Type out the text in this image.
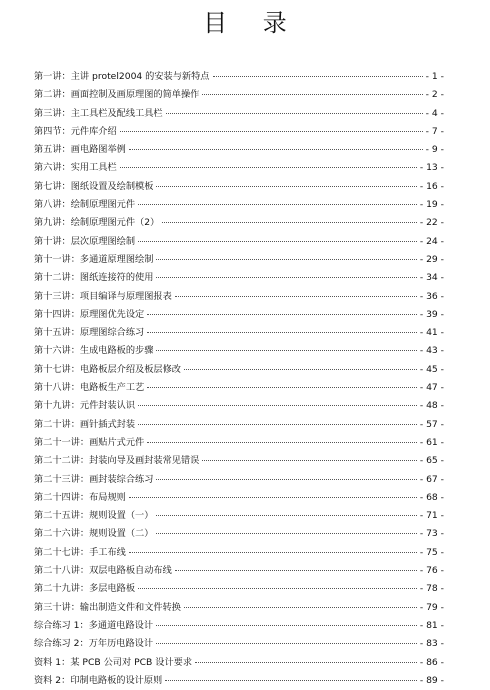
目 录
第一讲：主讲 protel2004 的安装与新特点	- 1 -
第二讲：画面控制及画原理图的简单操作	- 2 -
第三讲：主工具栏及配线工具栏	- 4 -
第四节：元件库介绍	- 7 -
第五讲：画电路图举例	- 9 -
第六讲：实用工具栏	- 13 -
第七讲：图纸设置及绘制模板	- 16 -
第八讲：绘制原理图元件	- 19 -
第九讲：绘制原理图元件（2）	- 22 -
第十讲：层次原理图绘制	- 24 -
第十一讲：多通道原理图绘制	- 29 -
第十二讲：图纸连接符的使用	- 34 -
第十三讲：项目编译与原理图报表	- 36 -
第十四讲：原理图优先设定	- 39 -
第十五讲：原理图综合练习	- 41 -
第十六讲：生成电路板的步骤	- 43 -
第十七讲：电路板层介绍及板层修改	- 45 -
第十八讲：电路板生产工艺	- 47 -
第十九讲：元件封装认识	- 48 -
第二十讲：画针插式封装	- 57 -
第二十一讲：画贴片式元件	- 61 -
第二十二讲：封装向导及画封装常见错误	- 65 -
第二十三讲：画封装综合练习	- 67 -
第二十四讲：布局规则	- 68 -
第二十五讲：规则设置（一）	- 71 -
第二十六讲：规则设置（二）	- 73 -
第二十七讲：手工布线	- 75 -
第二十八讲：双层电路板自动布线	- 76 -
第二十九讲：多层电路板	- 78 -
第三十讲：输出制造文件和文件转换	- 79 -
综合练习 1：多通道电路设计	- 81 -
综合练习 2：万年历电路设计	- 83 -
资料 1：某 PCB 公司对 PCB 设计要求	- 86 -
资料 2：印制电路板的设计原则	- 89 -
